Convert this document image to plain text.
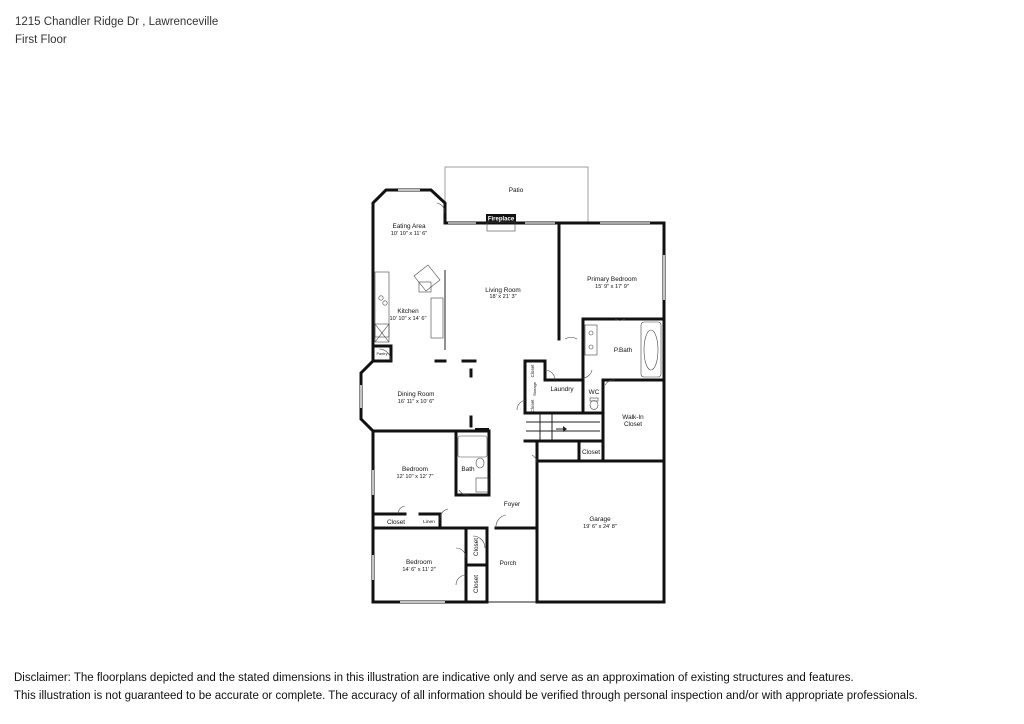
1215 Chandler Ridge Dr , Lawrenceville
First Floor
Patio
Fireplace
Eating Area
10' 10" x 11' 6"
Living Room
18' x 21' 3"
Kitchen
10' 10" x 14' 6"
Primary Bedroom
15' 9" x 17' 9"
P.Bath
Dining Room
16' 11" x 10' 6"
Laundry WC
Walk-In
Closet
Bedroom
12' 10" x 12' 7"
Bath
Closet
Foyer
Garage
19' 6" x 24' 8"
Closet	Linen
Bedroom
14' 6" x 11' 2"
Closet
Closet
Porch
Closet
Closet
Storage
Pantry
Disclaimer: The floorplans depicted and the stated dimensions in this illustration are indicative only and serve as an approximation of existing structures and features.
This illustration is not guaranteed to be accurate or complete. The accuracy of all information should be verified through personal inspection and/or with appropriate professionals.
